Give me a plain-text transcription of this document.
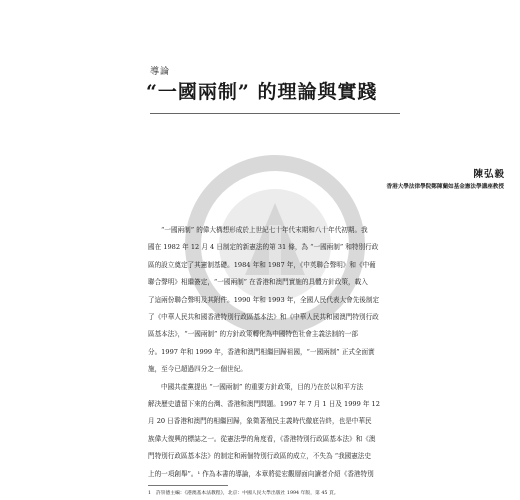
導論
“一國兩制” 的理論與實踐
陳弘毅
香港大學法律學院鄭陳蘭如基金憲法學講座教授

“一國兩制” 的偉大構想形成於上世紀七十年代末期和八十年代初期。我

國在 1982 年 12 月 4 日制定的新憲法的第 31 條，為 “一國兩制” 和特別行政

區的設立奠定了其憲制基礎。1984 年和 1987 年，《中英聯合聲明》和《中葡

聯合聲明》相繼簽定，“一國兩制” 在香港和澳門實施的具體方針政策，載入

了這兩份聯合聲明及其附件。1990 年和 1993 年，全國人民代表大會先後制定

了《中華人民共和國香港特別行政區基本法》和《中華人民共和國澳門特別行政

區基本法》，“一國兩制” 的方針政策轉化為中國特色社會主義法制的一部

分。1997 年和 1999 年，香港和澳門相繼回歸祖國，“一國兩制” 正式全面實

施，至今已超過四分之一個世紀。

中國共產黨提出 “一國兩制” 的重要方針政策，目的乃在於以和平方法

解決歷史遺留下來的台灣、香港和澳門問題。1997 年 7 月 1 日及 1999 年 12

月 20 日香港和澳門的相繼回歸，象徵著殖民主義時代徹底告終，也是中華民

族偉大復興的標誌之一。從憲法學的角度看，《香港特別行政區基本法》和《澳

門特別行政區基本法》的制定和兩個特別行政區的成立，不失為 “我國憲法史

上的一項創舉”。¹ 作為本書的導論，本章將從宏觀層面向讀者介紹《香港特別

1　許崇德主編：《港澳基本法教程》，北京：中國人民大學出版社 1994 年版，第 45 頁。
